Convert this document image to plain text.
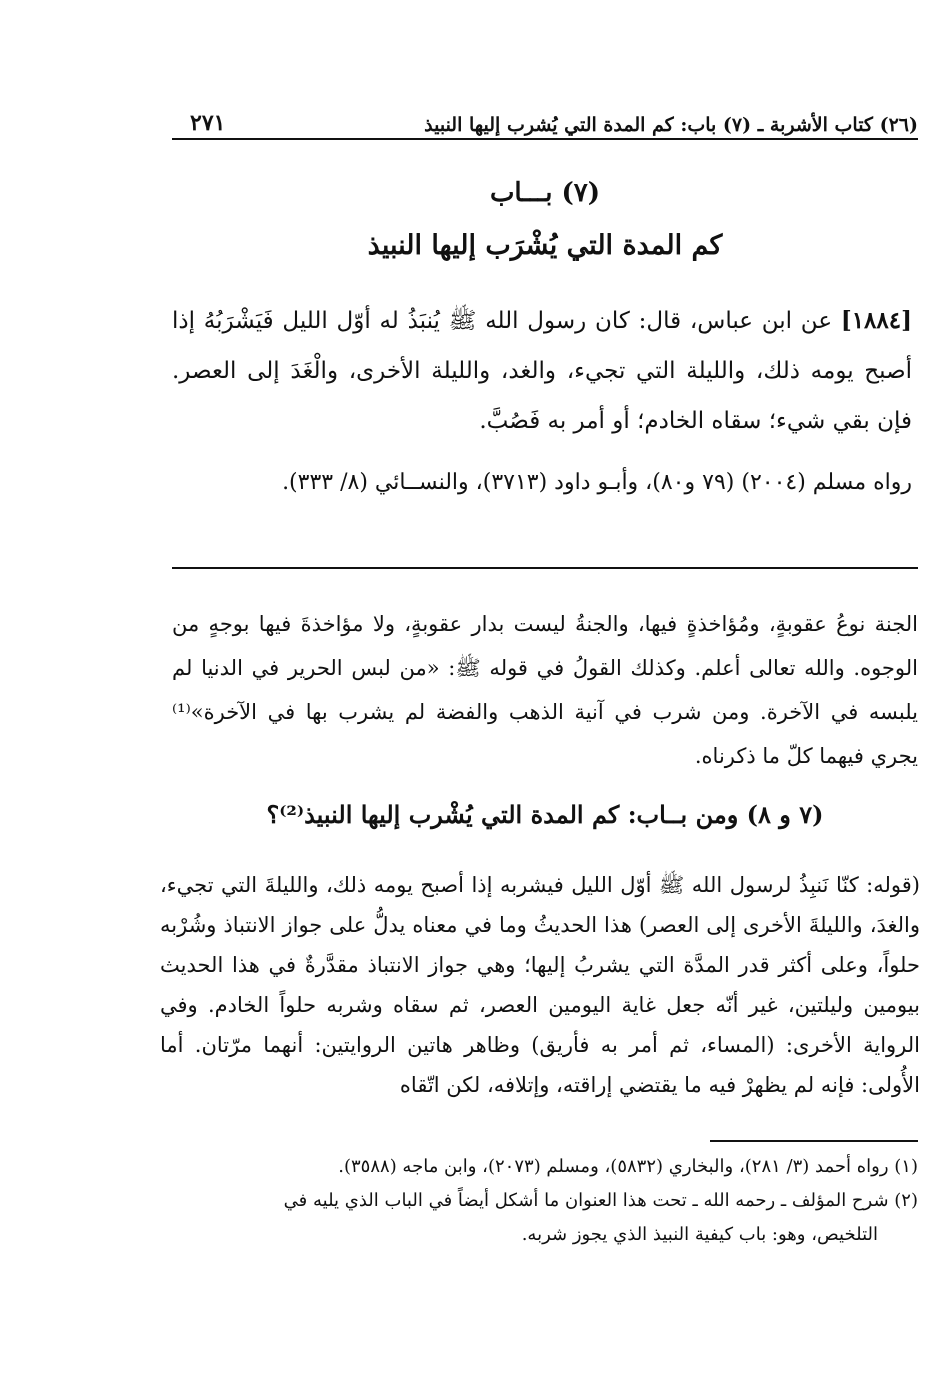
(٢٦) كتاب الأشربة ـ (٧) باب: كم المدة التي يُشرب إليها النبيذ
٢٧١
(٧) بـــاب
كم المدة التي يُشْرَب إليها النبيذ
[١٨٨٤] عن ابن عباس، قال: كان رسول الله ﷺ يُنبَذُ له أوّل الليل فَيَشْرَبُهُ إذا أصبح يومه ذلك، والليلة التي تجيء، والغد، والليلة الأخرى، والْغَدَ إلى العصر. فإن بقي شيء؛ سقاه الخادم؛ أو أمر به فَصُبَّ.
رواه مسلم (٢٠٠٤) (٧٩ و٨٠)، وأبـو داود (٣٧١٣)، والنســائي (٨/ ٣٣٣).
الجنة نوعُ عقوبةٍ، ومُؤاخذةٍ فيها، والجنةُ ليست بدار عقوبةٍ، ولا مؤاخذةَ فيها بوجهٍ من الوجوه. والله تعالى أعلم. وكذلك القولُ في قوله ﷺ: «من لبس الحرير في الدنيا لم يلبسه في الآخرة. ومن شرب في آنية الذهب والفضة لم يشرب بها في الآخرة»⁽¹⁾ يجري فيهما كلّ ما ذكرناه.
(٧ و ٨) ومن بــاب: كم المدة التي يُشْرب إليها النبيذ⁽²⁾؟
(قوله: كنّا نَنبِذُ لرسول الله ﷺ أوّل الليل فيشربه إذا أصبح يومه ذلك، والليلةَ التي تجيء، والغدَ، والليلةَ الأخرى إلى العصر) هذا الحديثُ وما في معناه يدلُّ على جواز الانتباذ وشُرْبه حلواً، وعلى أكثر قدر المدَّة التي يشربُ إليها؛ وهي جواز الانتباذ مقدَّرةٌ في هذا الحديث بيومين وليلتين، غير أنّه جعل غاية اليومين العصر، ثم سقاه وشربه حلواً الخادم. وفي الرواية الأخرى: (المساء، ثم أمر به فأريق) وظاهر هاتين الروايتين: أنهما مرّتان. أما الأُولى: فإنه لم يظهرْ فيه ما يقتضي إراقته، وإتلافه، لكن اتّقاه

(١) رواه أحمد (٣/ ٢٨١)، والبخاري (٥٨٣٢)، ومسلم (٢٠٧٣)، وابن ماجه (٣٥٨٨).

(٢) شرح المؤلف ـ رحمه الله ـ تحت هذا العنوان ما أشكل أيضاً في الباب الذي يليه في

التلخيص، وهو: باب كيفية النبيذ الذي يجوز شربه.
